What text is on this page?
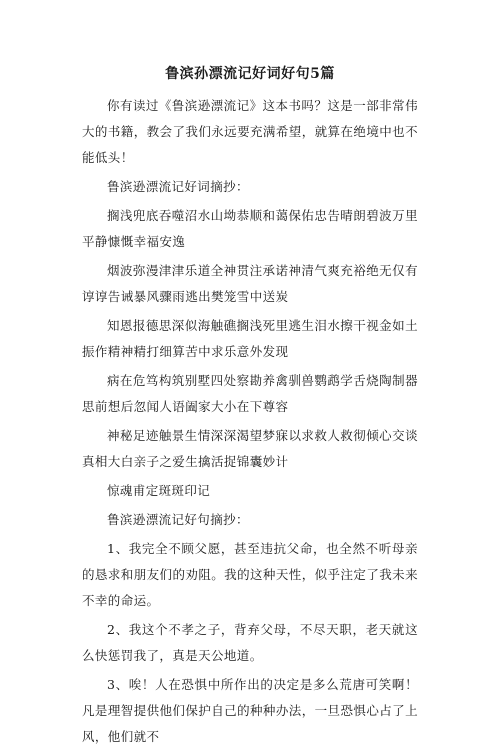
鲁滨孙漂流记好词好句5篇

你有读过《鲁滨逊漂流记》这本书吗？这是一部非常伟大的书籍，教会了我们永远要充满希望，就算在绝境中也不能低头！

鲁滨逊漂流记好词摘抄：

搁浅兜底吞噬沼水山坳恭顺和蔼保佑忠告晴朗碧波万里平静慷慨幸福安逸

烟波弥漫津津乐道全神贯注承诺神清气爽充裕绝无仅有谆谆告诫暴风骤雨逃出樊笼雪中送炭

知恩报德思深似海触礁搁浅死里逃生泪水擦干视金如土振作精神精打细算苦中求乐意外发现

病在危笃构筑别墅四处察勘养禽驯兽鹦鹉学舌烧陶制器思前想后忽闻人语阖家大小在下尊容

神秘足迹触景生情深深渴望梦寐以求救人救彻倾心交谈真相大白亲子之爱生擒活捉锦囊妙计

惊魂甫定斑斑印记

鲁滨逊漂流记好句摘抄：

1、我完全不顾父愿，甚至违抗父命，也全然不听母亲的恳求和朋友们的劝阻。我的这种天性，似乎注定了我未来不幸的命运。

2、我这个不孝之子，背弃父母，不尽天职，老天就这么快惩罚我了，真是天公地道。

3、唉！人在恐惧中所作出的决定是多么荒唐可笑啊！凡是理智提供他们保护自己的种种办法，一旦恐惧心占了上风，他们就不
